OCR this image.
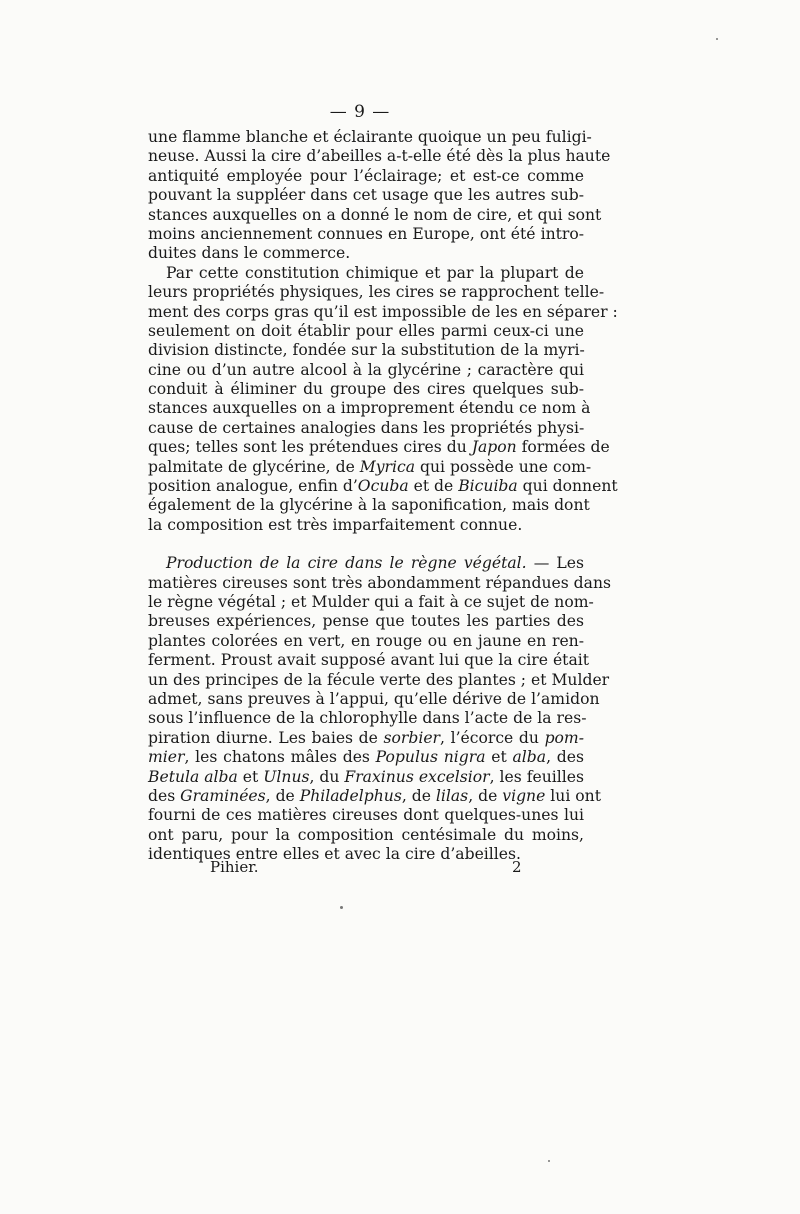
— 9 —
une flamme blanche et éclairante quoique un peu fuligi-
neuse. Aussi la cire d’abeilles a-t-elle été dès la plus haute
antiquité employée pour l’éclairage; et est-ce comme
pouvant la suppléer dans cet usage que les autres sub-
stances auxquelles on a donné le nom de cire, et qui sont
moins anciennement connues en Europe, ont été intro-
duites dans le commerce.
Par cette constitution chimique et par la plupart de
leurs propriétés physiques, les cires se rapprochent telle-
ment des corps gras qu’il est impossible de les en séparer :
seulement on doit établir pour elles parmi ceux-ci une
division distincte, fondée sur la substitution de la myri-
cine ou d’un autre alcool à la glycérine ; caractère qui
conduit à éliminer du groupe des cires quelques sub-
stances auxquelles on a improprement étendu ce nom à
cause de certaines analogies dans les propriétés physi-
ques; telles sont les prétendues cires du Japon formées de
palmitate de glycérine, de Myrica qui possède une com-
position analogue, enfin d’Ocuba et de Bicuiba qui donnent
également de la glycérine à la saponification, mais dont
la composition est très imparfaitement connue.
Production de la cire dans le règne végétal. — Les
matières cireuses sont très abondamment répandues dans
le règne végétal ; et Mulder qui a fait à ce sujet de nom-
breuses expériences, pense que toutes les parties des
plantes colorées en vert, en rouge ou en jaune en ren-
ferment. Proust avait supposé avant lui que la cire était
un des principes de la fécule verte des plantes ; et Mulder
admet, sans preuves à l’appui, qu’elle dérive de l’amidon
sous l’influence de la chlorophylle dans l’acte de la res-
piration diurne. Les baies de sorbier, l’écorce du pom-
mier, les chatons mâles des Populus nigra et alba, des
Betula alba et Ulnus, du Fraxinus excelsior, les feuilles
des Graminées, de Philadelphus, de lilas, de vigne lui ont
fourni de ces matières cireuses dont quelques-unes lui
ont paru, pour la composition centésimale du moins,
identiques entre elles et avec la cire d’abeilles.
Pihier.	2
